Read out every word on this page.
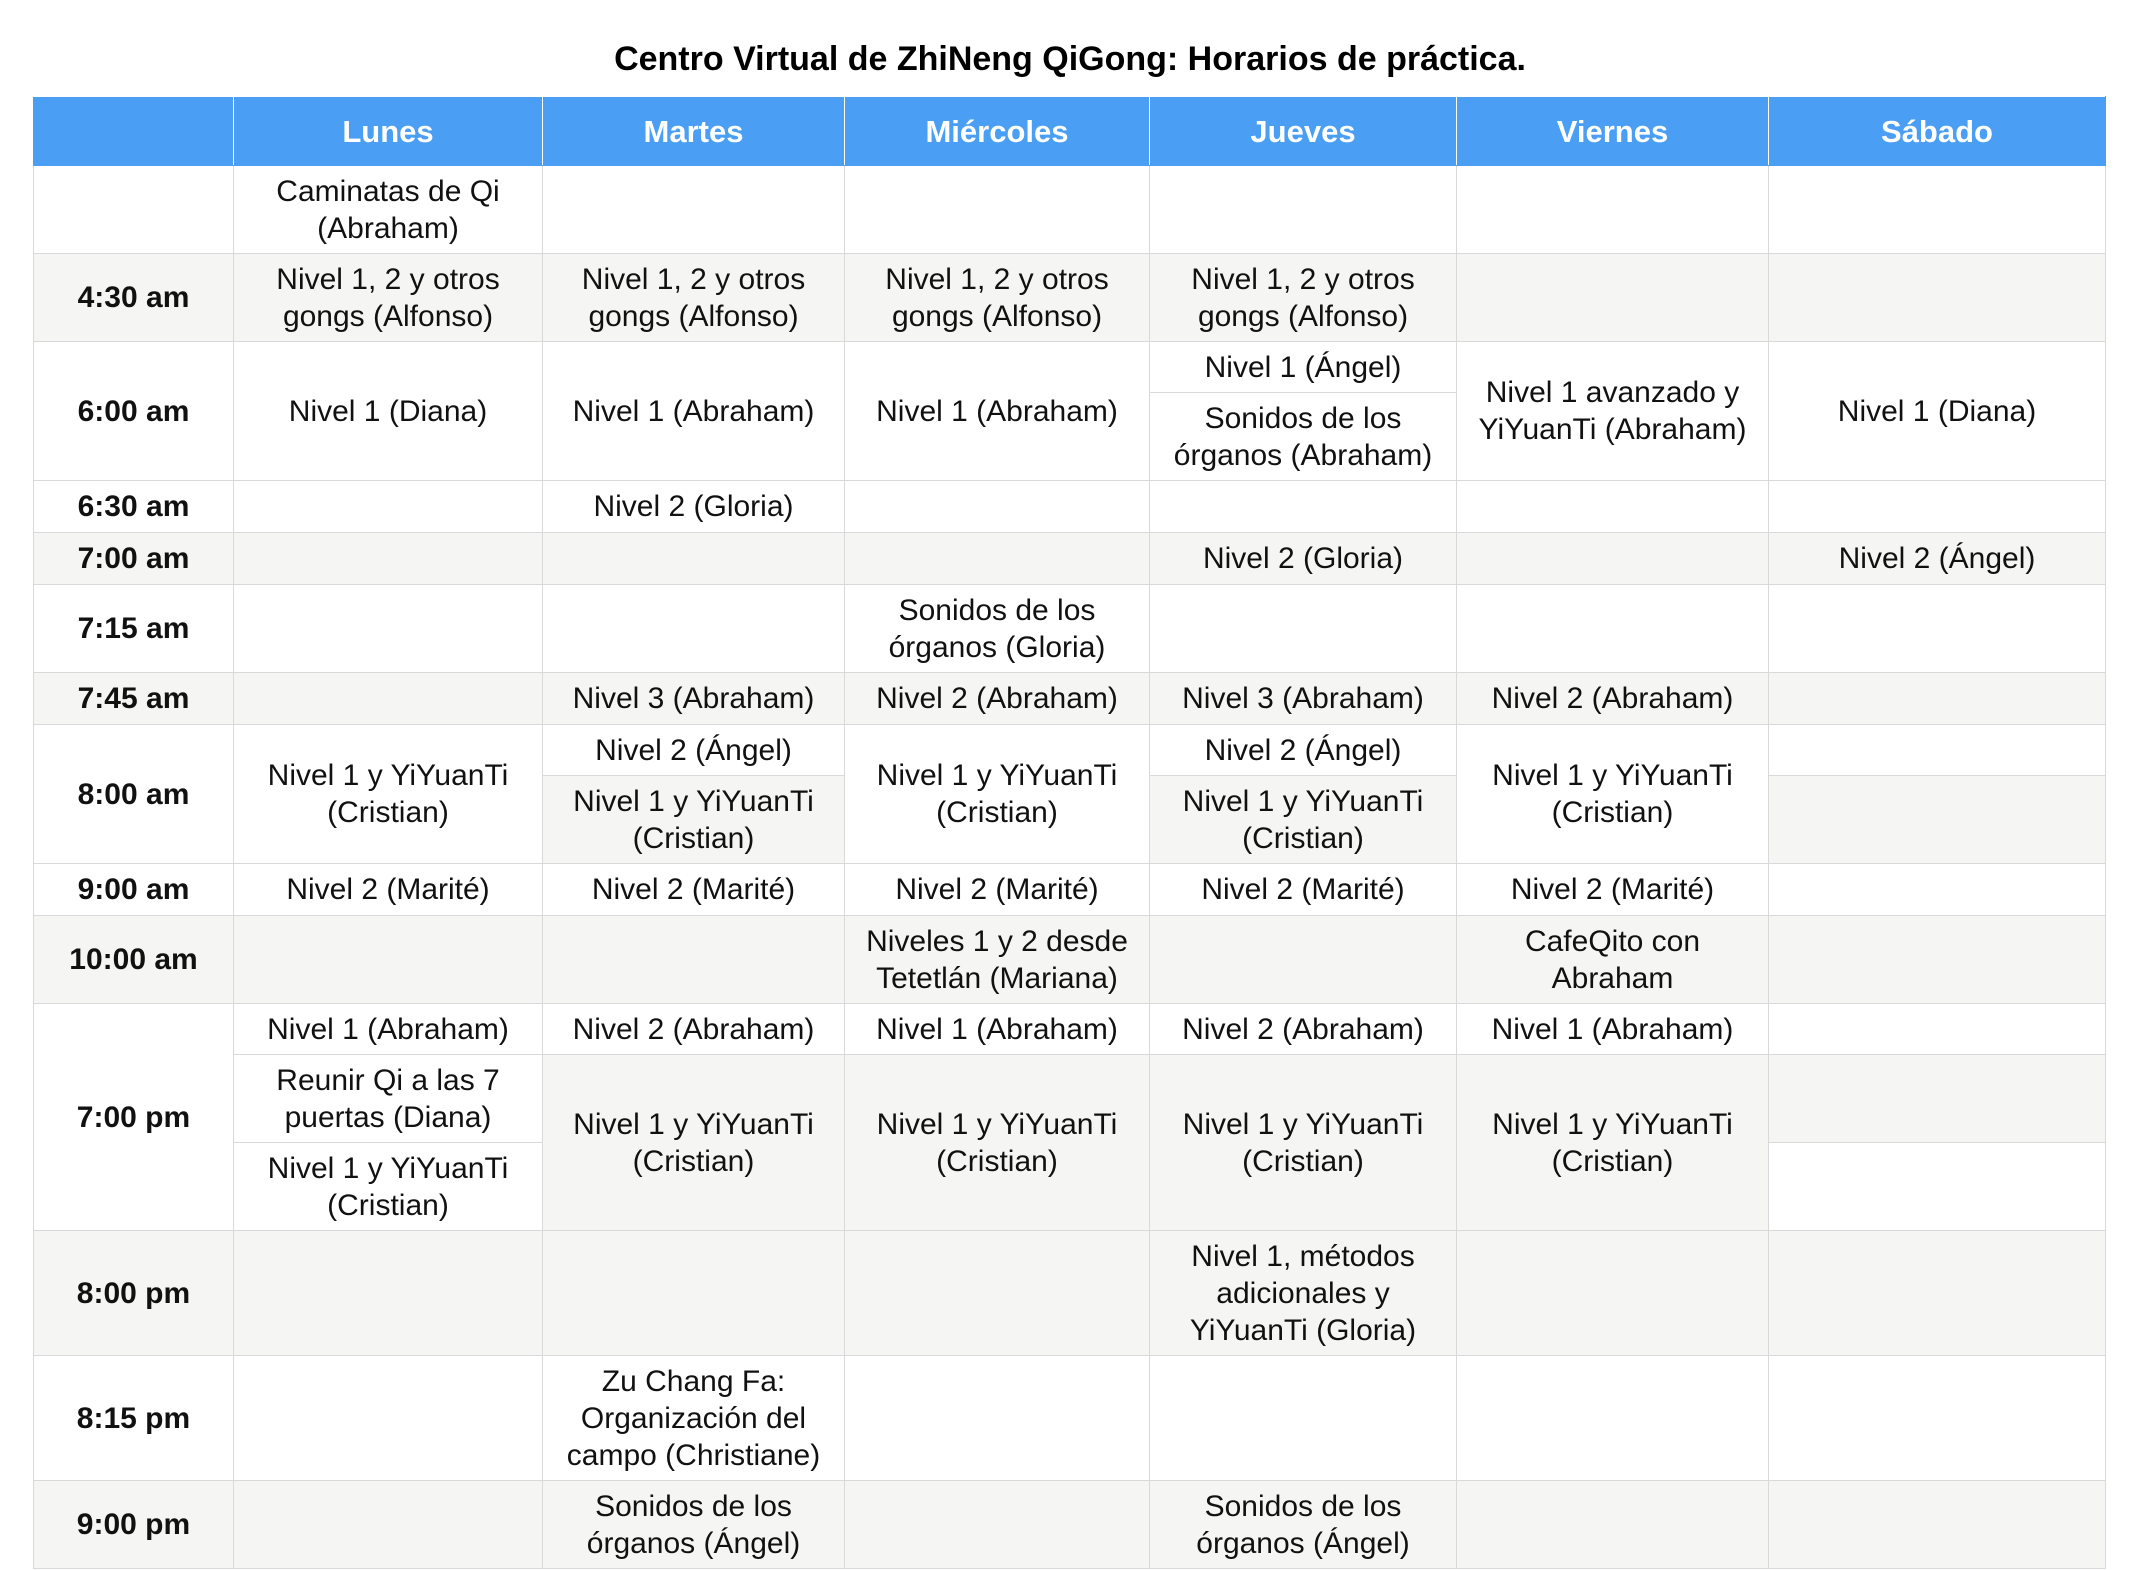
Centro Virtual de ZhiNeng QiGong: Horarios de práctica.
	Lunes	Martes	Miércoles	Jueves	Viernes	Sábado
	Caminatas de Qi (Abraham)					
4:30 am	Nivel 1, 2 y otros gongs (Alfonso)	Nivel 1, 2 y otros gongs (Alfonso)	Nivel 1, 2 y otros gongs (Alfonso)	Nivel 1, 2 y otros gongs (Alfonso)		
6:00 am	Nivel 1 (Diana)	Nivel 1 (Abraham)	Nivel 1 (Abraham)	Nivel 1 (Ángel)	Nivel 1 avanzado y YiYuanTi (Abraham)	Nivel 1 (Diana)
				Sonidos de los órganos (Abraham)		
6:30 am		Nivel 2 (Gloria)				
7:00 am				Nivel 2 (Gloria)		Nivel 2 (Ángel)
7:15 am			Sonidos de los órganos (Gloria)			
7:45 am		Nivel 3 (Abraham)	Nivel 2 (Abraham)	Nivel 3 (Abraham)	Nivel 2 (Abraham)	
8:00 am	Nivel 1 y YiYuanTi (Cristian)	Nivel 2 (Ángel)	Nivel 1 y YiYuanTi (Cristian)	Nivel 2 (Ángel)	Nivel 1 y YiYuanTi (Cristian)	
		Nivel 1 y YiYuanTi (Cristian)		Nivel 1 y YiYuanTi (Cristian)		
9:00 am	Nivel 2 (Marité)	Nivel 2 (Marité)	Nivel 2 (Marité)	Nivel 2 (Marité)	Nivel 2 (Marité)	
10:00 am			Niveles 1 y 2 desde Tetetlán (Mariana)		CafeQito con Abraham	
7:00 pm	Nivel 1 (Abraham)	Nivel 2 (Abraham)	Nivel 1 (Abraham)	Nivel 2 (Abraham)	Nivel 1 (Abraham)	
	Reunir Qi a las 7 puertas (Diana)	Nivel 1 y YiYuanTi (Cristian)	Nivel 1 y YiYuanTi (Cristian)	Nivel 1 y YiYuanTi (Cristian)	Nivel 1 y YiYuanTi (Cristian)	
	Nivel 1 y YiYuanTi (Cristian)					
8:00 pm				Nivel 1, métodos adicionales y YiYuanTi (Gloria)		
8:15 pm		Zu Chang Fa: Organización del campo (Christiane)				
9:00 pm		Sonidos de los órganos (Ángel)		Sonidos de los órganos (Ángel)		
